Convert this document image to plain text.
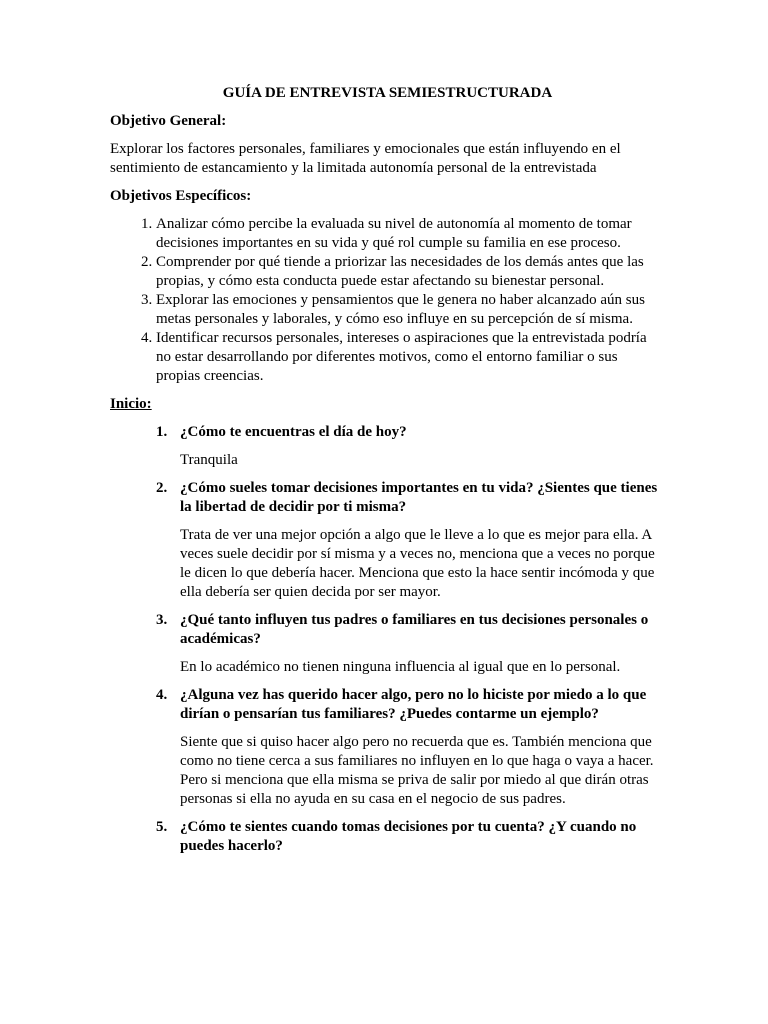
GUÍA DE ENTREVISTA SEMIESTRUCTURADA
Objetivo General:
Explorar los factores personales, familiares y emocionales que están influyendo en el sentimiento de estancamiento y la limitada autonomía personal de la entrevistada
Objetivos Específicos:
1. Analizar cómo percibe la evaluada su nivel de autonomía al momento de tomar decisiones importantes en su vida y qué rol cumple su familia en ese proceso.
2. Comprender por qué tiende a priorizar las necesidades de los demás antes que las propias, y cómo esta conducta puede estar afectando su bienestar personal.
3. Explorar las emociones y pensamientos que le genera no haber alcanzado aún sus metas personales y laborales, y cómo eso influye en su percepción de sí misma.
4. Identificar recursos personales, intereses o aspiraciones que la entrevistada podría no estar desarrollando por diferentes motivos, como el entorno familiar o sus propias creencias.
Inicio:
1. ¿Cómo te encuentras el día de hoy?
Tranquila
2. ¿Cómo sueles tomar decisiones importantes en tu vida? ¿Sientes que tienes la libertad de decidir por ti misma?
Trata de ver una mejor opción a algo que le lleve a lo que es mejor para ella. A veces suele decidir por sí misma y a veces no, menciona que a veces no porque le dicen lo que debería hacer. Menciona que esto la hace sentir incómoda y que ella debería ser quien decida por ser mayor.
3. ¿Qué tanto influyen tus padres o familiares en tus decisiones personales o académicas?
En lo académico no tienen ninguna influencia al igual que en lo personal.
4. ¿Alguna vez has querido hacer algo, pero no lo hiciste por miedo a lo que dirían o pensarían tus familiares? ¿Puedes contarme un ejemplo?
Siente que si quiso hacer algo pero no recuerda que es. También menciona que como no tiene cerca a sus familiares no influyen en lo que haga o vaya a hacer. Pero si menciona que ella misma se priva de salir por miedo al que dirán otras personas si ella no ayuda en su casa en el negocio de sus padres.
5. ¿Cómo te sientes cuando tomas decisiones por tu cuenta? ¿Y cuando no puedes hacerlo?
